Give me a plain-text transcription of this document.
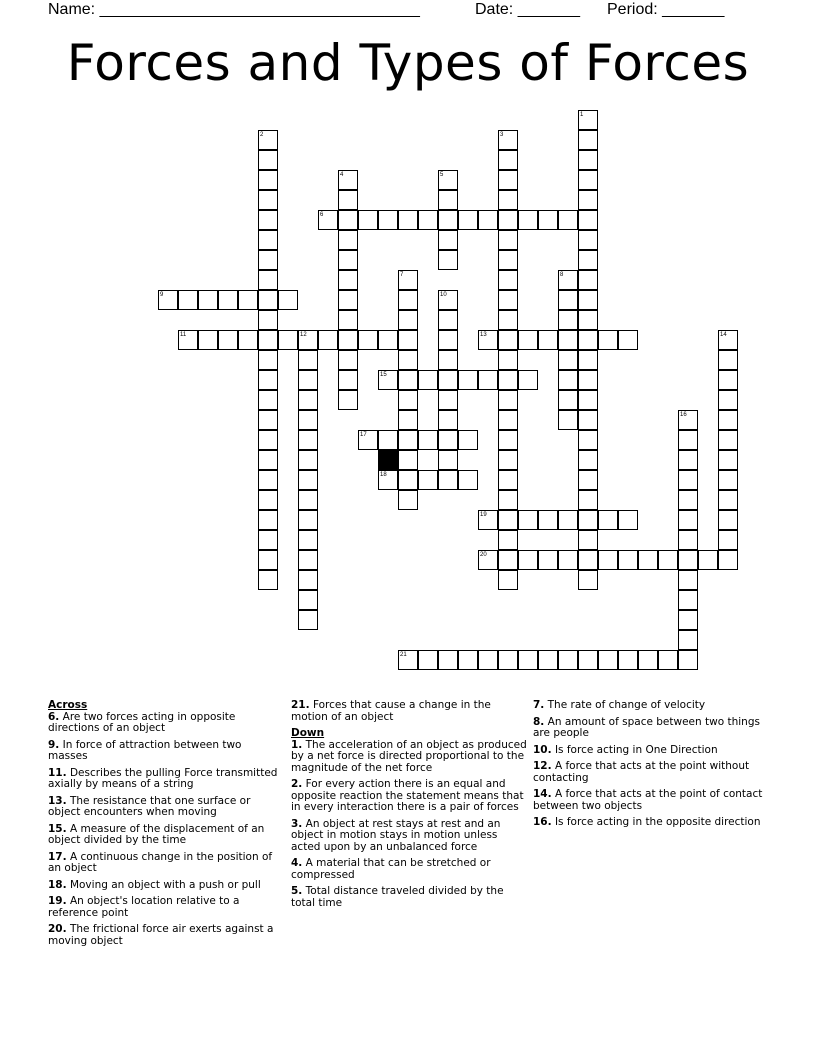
Name: ____________________________________	Date: _______ Period: _______
Forces and Types of Forces
1
2	3
4	5
6
7	8
9	10
11	12	13	14
15
16
17
18
19
20
21
Across
6. Are two forces acting in opposite directions of an object
9. In force of attraction between two masses
11. Describes the pulling Force transmitted axially by means of a string
13. The resistance that one surface or object encounters when moving
15. A measure of the displacement of an object divided by the time
17. A continuous change in the position of an object
18. Moving an object with a push or pull
19. An object's location relative to a reference point
20. The frictional force air exerts against a moving object
21. Forces that cause a change in the motion of an object
Down
1. The acceleration of an object as produced by a net force is directed proportional to the magnitude of the net force
2. For every action there is an equal and opposite reaction the statement means that in every interaction there is a pair of forces
3. An object at rest stays at rest and an object in motion stays in motion unless acted upon by an unbalanced force
4. A material that can be stretched or compressed
5. Total distance traveled divided by the total time
7. The rate of change of velocity
8. An amount of space between two things are people
10. Is force acting in One Direction
12. A force that acts at the point without contacting
14. A force that acts at the point of contact between two objects
16. Is force acting in the opposite direction
